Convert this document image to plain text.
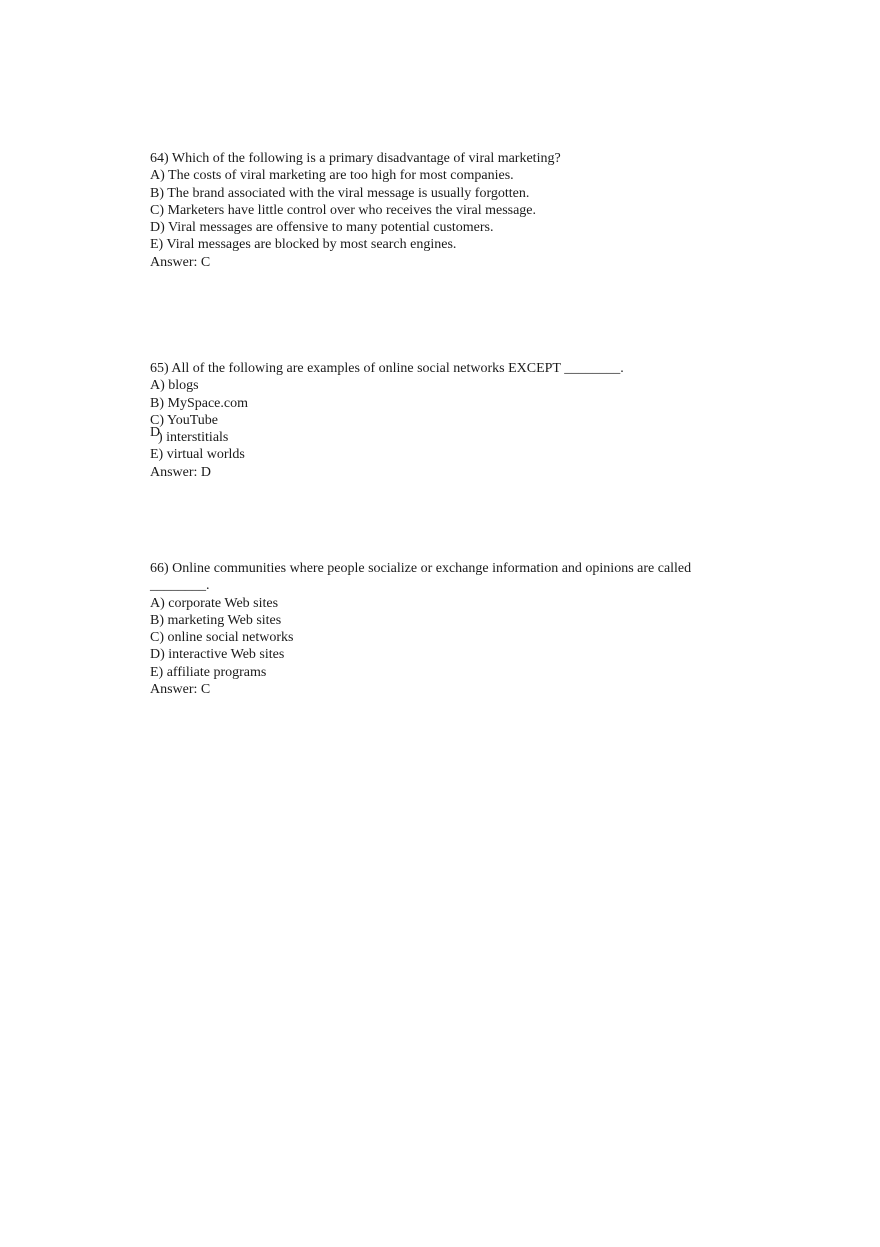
64) Which of the following is a primary disadvantage of viral marketing?
A) The costs of viral marketing are too high for most companies.
B) The brand associated with the viral message is usually forgotten.
C) Marketers have little control over who receives the viral message.
D) Viral messages are offensive to many potential customers.
E) Viral messages are blocked by most search engines.
Answer: C
65) All of the following are examples of online social networks EXCEPT ________.
A) blogs
B) MySpace.com
C) YouTube
D
) interstitials
E) virtual worlds
Answer: D
66) Online communities where people socialize or exchange information and opinions are called
________.
A) corporate Web sites
B) marketing Web sites
C) online social networks
D) interactive Web sites
E) affiliate programs
Answer: C
